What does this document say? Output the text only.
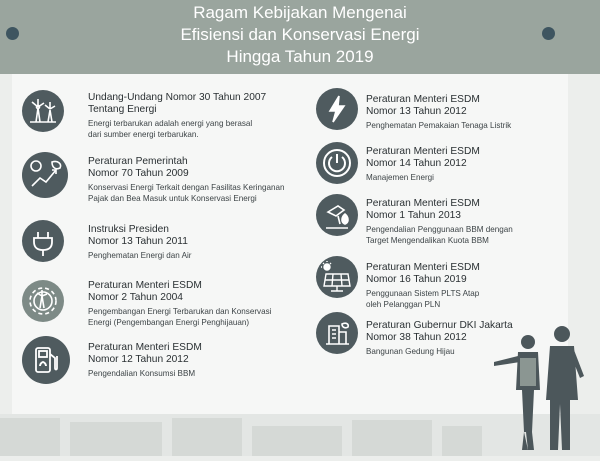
Ragam Kebijakan Mengenai
Efisiensi dan Konservasi Energi
Hingga Tahun 2019
Undang-Undang Nomor 30 Tahun 2007
Tentang Energi
Energi terbarukan adalah energi yang berasal
dari sumber energi terbarukan.
Peraturan Pemerintah
Nomor 70 Tahun 2009
Konservasi Energi Terkait dengan Fasilitas Keringanan
Pajak dan Bea Masuk untuk Konservasi Energi
Instruksi Presiden
Nomor 13 Tahun 2011
Penghematan Energi dan Air
Peraturan Menteri ESDM
Nomor 2 Tahun 2004
Pengembangan Energi Terbarukan dan Konservasi
Energi (Pengembangan Energi Penghijauan)
Peraturan Menteri ESDM
Nomor 12 Tahun 2012
Pengendalian Konsumsi BBM
Peraturan Menteri ESDM
Nomor 13 Tahun 2012
Penghematan Pemakaian Tenaga Listrik
Peraturan Menteri ESDM
Nomor 14 Tahun 2012
Manajemen Energi
Peraturan Menteri ESDM
Nomor 1 Tahun 2013
Pengendalian Penggunaan BBM dengan
Target Mengendalikan Kuota BBM
Peraturan Menteri ESDM
Nomor 16 Tahun 2019
Penggunaan Sistem PLTS Atap
oleh Pelanggan PLN
Peraturan Gubernur DKI Jakarta
Nomor 38 Tahun 2012
Bangunan Gedung Hijau
